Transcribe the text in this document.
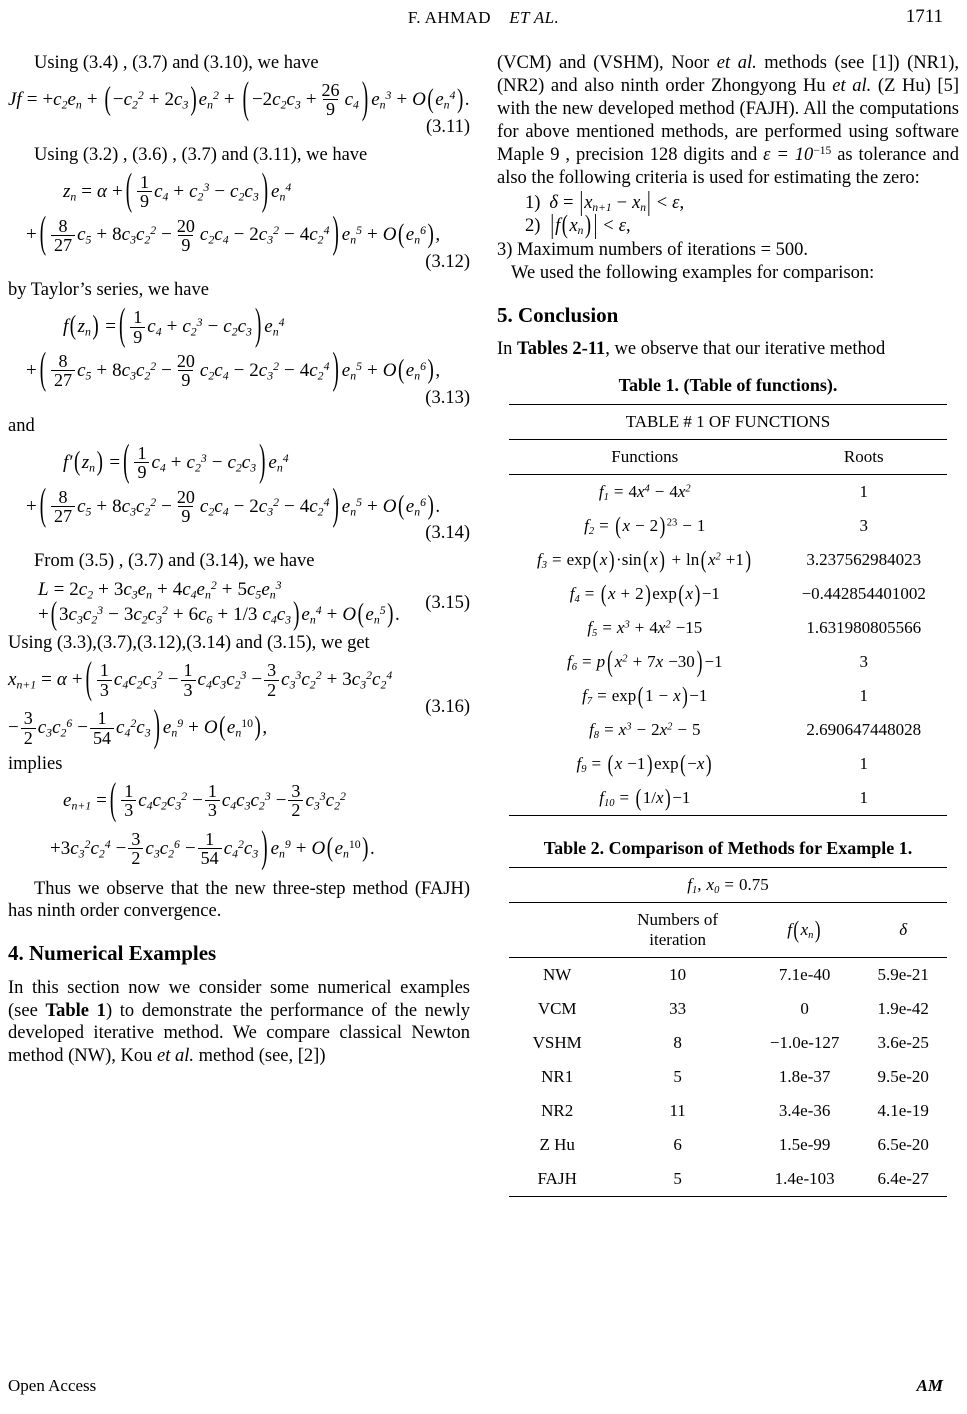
F. AHMAD ET AL.	1711

Using (3.4) , (3.7) and (3.10), we have

Jf = + $c_2$ $e_n$ + ( − $c_2^2 + 2$ $c_3$ ) $e_n^2$ + ( − 2 $c_2$ $c_3 + \frac{26}{9} c_4$ ) $e_n^3 + O$ ( $e_n^4$ ) .
(3.11)

Using (3.2) , (3.6) , (3.7) and (3.11), we have

$z_n = \alpha$ + ( $\frac{1}{9} c_4 + c_2^3 - c_2$ $c_3$ ) $e_n^4$
+ ( $\frac{8}{27} c_5 + 8$ $c_3$ $c_2^2 - \frac{20}{9} c_2$ $c_4 - 2$ $c_3^2 - 4$ $c_2^4$ ) $e_n^5 + O$ ( $e_n^6$ ) ,
(3.12)

by Taylor’s series, we have

f ( $z_n$ ) = ( $\frac{1}{9} c_4 + c_2^3 - c_2$ $c_3$ ) $e_n^4$
+ ( $\frac{8}{27} c_5 + 8$ $c_3$ $c_2^2 - \frac{20}{9} c_2$ $c_4 - 2$ $c_3^2 - 4$ $c_2^4$ ) $e_n^5 + O$ ( $e_n^6$ ) ,
(3.13)

and

f′ ( $z_n$ ) = ( $\frac{1}{9} c_4 + c_2^3 - c_2$ $c_3$ ) $e_n^4$
+ ( $\frac{8}{27} c_5 + 8$ $c_3$ $c_2^2 - \frac{20}{9} c_2$ $c_4 - 2$ $c_3^2 - 4$ $c_2^4$ ) $e_n^5 + O$ ( $e_n^6$ ) .
(3.14)

From (3.5) , (3.7) and (3.14), we have

L = 2 $c_2 + 3$ $c_3$ $e_n + 4$ $c_4$ $e_n^2 + 5$ $c_5$ $e_n^3$
+ ( 3 $c_3$ $c_2^3 - 3$ $c_2$ $c_3^2 + 6$ $c_6 + 1/3$ $c_4$ $c_3$ ) $e_n^4 + O$ ( $e_n^5$ ) .
(3.15)

Using (3.3),(3.7),(3.12),(3.14) and (3.15), we get

$x_{n+1} = \alpha$ + ( $\frac{1}{3} c_4$ $c_2$ $c_3^2 - \frac{1}{3} c_4$ $c_3$ $c_2^3 - \frac{3}{2} c_3^3$ $c_2^2 + 3$ $c_3^2$ $c_2^4$
− $\frac{3}{2} c_3$ $c_2^6 - \frac{1}{54} c_4^2$ $c_3$ ) $e_n^9 + O$ ( $e_n^{10}$ ) ,
(3.16)

implies

$e_{n+1}$ = ( $\frac{1}{3} c_4$ $c_2$ $c_3^2 - \frac{1}{3} c_4$ $c_3$ $c_2^3 - \frac{3}{2} c_3^3$ $c_2^2$
+ 3 $c_3^2$ $c_2^4 - \frac{3}{2} c_3$ $c_2^6 - \frac{1}{54} c_4^2$ $c_3$ ) $e_n^9 + O$ ( $e_n^{10}$ ) .

Thus we observe that the new three-step method (FAJH) has ninth order convergence.

4. Numerical Examples

In this section now we consider some numerical examples (see Table 1) to demonstrate the performance of the newly developed iterative method. We compare classical Newton method (NW), Kou et al. method (see, [2])

(VCM) and (VSHM), Noor et al. methods (see [1]) (NR1), (NR2) and also ninth order Zhongyong Hu et al. (Z Hu) [5] with the new developed method (FAJH). All the computations for above mentioned methods, are performed using software Maple 9 , precision 128 digits and $\varepsilon = 10^{-15}$ as tolerance and also the following criteria is used for estimating the zero:

1) $\delta = |x_{n+1} - x_n| < \varepsilon$,
2) $|f(x_n)$ | < ε,

3) Maximum numbers of iterations = 500.

We used the following examples for comparison:

5. Conclusion

In Tables 2-11, we observe that our iterative method

Table 1. (Table of functions).
TABLE # 1 OF FUNCTIONS	
Functions	Roots
$f_1 = 4x^4 - 4x^2$	1
$f_2 = (x - 2) ^{23} - 1$	3
$f_3 = \exp(x)\cdot\sin(x) + \ln(x^2 +1)$	3.237562984023
$f_4 = (x + 2)\exp(x)-1$	−0.442854401002
$f_5 = x^3 + 4x^2 -15$	1.631980805566
$f_6 = p$ ( $x^2 + 7x -30$ ) −1	3
$f_7 = \exp(1 - x)-1$	1
$f_8 = x^3 - 2x^2 - 5$	2.690647448028
$f_9 = (x -1)\exp(-x)$	1
$f_{10} = (1/x)-1$	1
Table 2. Comparison of Methods for Example 1.
$f_1$, $x_0 = 0.75$			
	Numbers of iteration	$f(x_n)$	δ
NW	10	7.1e-40	5.9e-21
VCM	33	0	1.9e-42
VSHM	8	−1.0e-127	3.6e-25
NR1	5	1.8e-37	9.5e-20
NR2	11	3.4e-36	4.1e-19
Z Hu	6	1.5e-99	6.5e-20
FAJH	5	1.4e-103	6.4e-27
Open Access	AM
